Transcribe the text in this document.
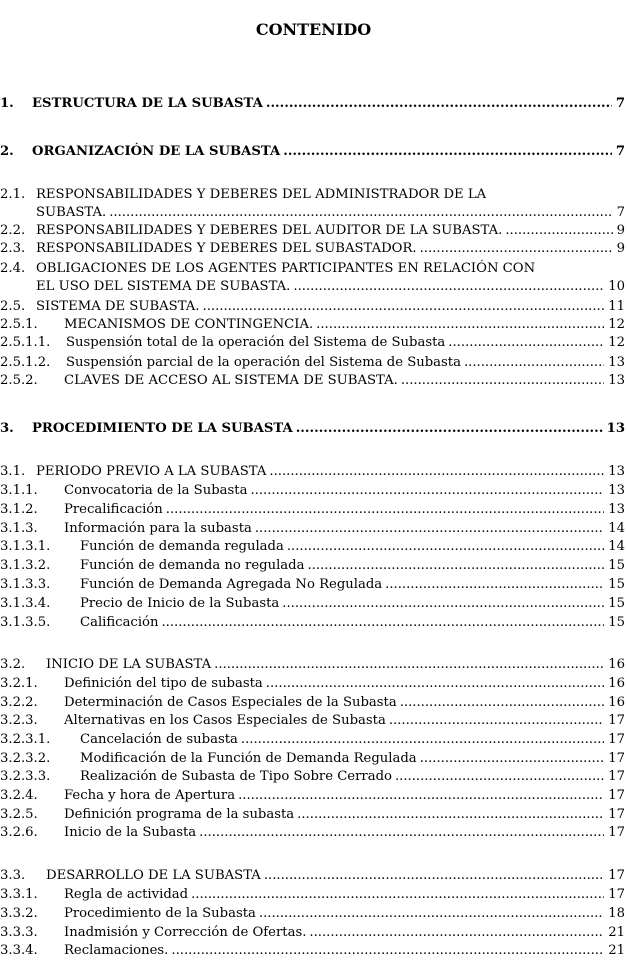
CONTENIDO
1. ESTRUCTURA DE LA SUBASTA .....	7
2. ORGANIZACIÓN DE LA SUBASTA .....	7
2.1. RESPONSABILIDADES Y DEBERES DEL ADMINISTRADOR DE LA
SUBASTA. .....	7
2.2. RESPONSABILIDADES Y DEBERES DEL AUDITOR DE LA SUBASTA. .....	9
2.3. RESPONSABILIDADES Y DEBERES DEL SUBASTADOR. .....	9
2.4. OBLIGACIONES DE LOS AGENTES PARTICIPANTES EN RELACIÓN CON
EL USO DEL SISTEMA DE SUBASTA. .....	10
2.5. SISTEMA DE SUBASTA. .....	11
2.5.1. MECANISMOS DE CONTINGENCIA. .....	12
2.5.1.1. Suspensión total de la operación del Sistema de Subasta .....	12
2.5.1.2. Suspensión parcial de la operación del Sistema de Subasta .....	13
2.5.2. CLAVES DE ACCESO AL SISTEMA DE SUBASTA. .....	13
3. PROCEDIMIENTO DE LA SUBASTA .....	13
3.1. PERIODO PREVIO A LA SUBASTA .....	13
3.1.1. Convocatoria de la Subasta .....	13
3.1.2. Precalificación .....	13
3.1.3. Información para la subasta .....	14
3.1.3.1. Función de demanda regulada .....	14
3.1.3.2. Función de demanda no regulada .....	15
3.1.3.3. Función de Demanda Agregada No Regulada .....	15
3.1.3.4. Precio de Inicio de la Subasta .....	15
3.1.3.5. Calificación .....	15
3.2. INICIO DE LA SUBASTA .....	16
3.2.1. Definición del tipo de subasta .....	16
3.2.2. Determinación de Casos Especiales de la Subasta .....	16
3.2.3. Alternativas en los Casos Especiales de Subasta .....	17
3.2.3.1. Cancelación de subasta .....	17
3.2.3.2. Modificación de la Función de Demanda Regulada .....	17
3.2.3.3. Realización de Subasta de Tipo Sobre Cerrado .....	17
3.2.4. Fecha y hora de Apertura .....	17
3.2.5. Definición programa de la subasta .....	17
3.2.6. Inicio de la Subasta .....	17
3.3. DESARROLLO DE LA SUBASTA .....	17
3.3.1. Regla de actividad .....	17
3.3.2. Procedimiento de la Subasta .....	18
3.3.3. Inadmisión y Corrección de Ofertas. .....	21
3.3.4. Reclamaciones. .....	21
